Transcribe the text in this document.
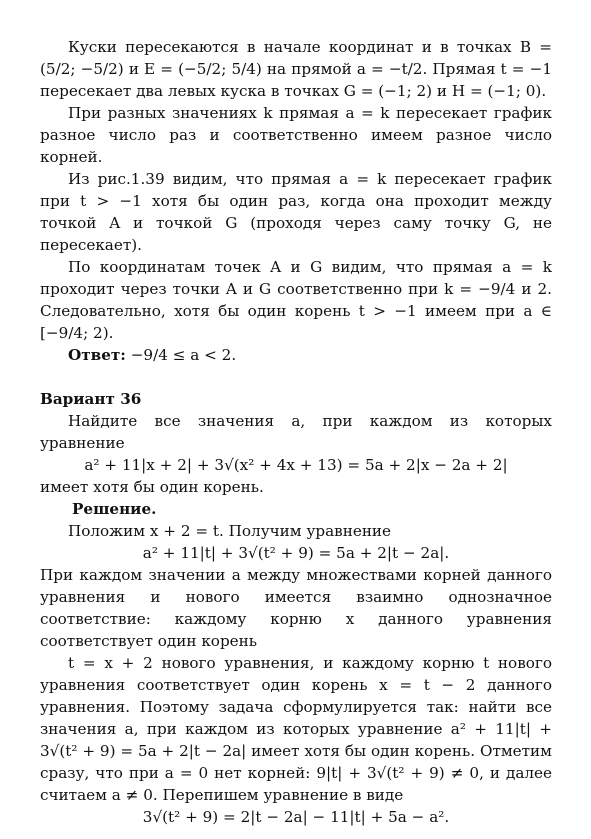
Куски пересекаются в начале координат и в точках B = (5/2; −5/2) и E = (−5/2; 5/4) на прямой a = −t/2. Прямая t = −1 пересекает два левых куска в точках G = (−1; 2) и H = (−1; 0).

При разных значениях k прямая a = k пересекает график разное число раз и соответственно имеем разное число корней.

Из рис.1.39 видим, что прямая a = k пересекает график при t > −1 хотя бы один раз, когда она проходит между точкой A и точкой G (проходя через саму точку G, не пересекает).

По координатам точек A и G видим, что прямая a = k проходит через точки A и G соответственно при k = −9/4 и 2. Следовательно, хотя бы один корень t > −1 имеем при a ∈ [−9/4; 2).

Ответ: −9/4 ≤ a < 2.

Вариант 36

Найдите все значения a, при каждом из которых уравнение

a² + 11|x + 2| + 3√(x² + 4x + 13) = 5a + 2|x − 2a + 2|

имеет хотя бы один корень.

Решение.

Положим x + 2 = t. Получим уравнение

a² + 11|t| + 3√(t² + 9) = 5a + 2|t − 2a|.

При каждом значении a между множествами корней данного уравнения и нового имеется взаимно однозначное соответствие: каждому корню x данного уравнения соответствует один корень

t = x + 2 нового уравнения, и каждому корню t нового уравнения соответствует один корень x = t − 2 данного уравнения. Поэтому задача сформулируется так: найти все значения a, при каждом из которых уравнение a² + 11|t| + 3√(t² + 9) = 5a + 2|t − 2a| имеет хотя бы один корень. Отметим сразу, что при a = 0 нет корней: 9|t| + 3√(t² + 9) ≠ 0, и далее считаем a ≠ 0. Перепишем уравнение в виде

3√(t² + 9) = 2|t − 2a| − 11|t| + 5a − a².
